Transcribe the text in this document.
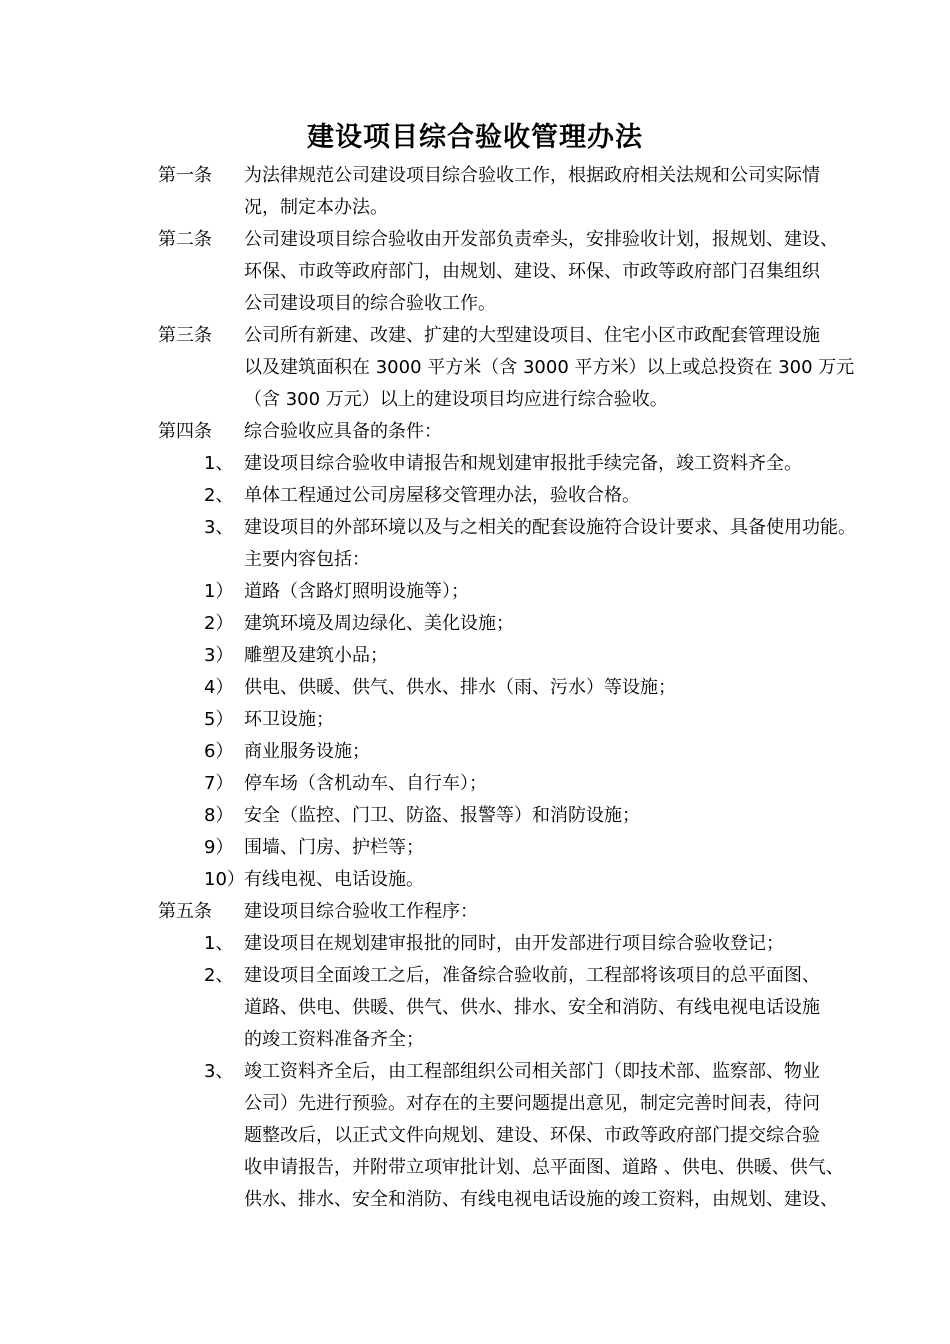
建设项目综合验收管理办法
第一条 为法律规范公司建设项目综合验收工作，根据政府相关法规和公司实际情
况，制定本办法。
第二条 公司建设项目综合验收由开发部负责牵头，安排验收计划，报规划、建设、
环保、市政等政府部门，由规划、建设、环保、市政等政府部门召集组织
公司建设项目的综合验收工作。
第三条 公司所有新建、改建、扩建的大型建设项目、住宅小区市政配套管理设施
以及建筑面积在 3000 平方米（含 3000 平方米）以上或总投资在 300 万元
（含 300 万元）以上的建设项目均应进行综合验收。
第四条 综合验收应具备的条件：
1、 建设项目综合验收申请报告和规划建审报批手续完备，竣工资料齐全。
2、 单体工程通过公司房屋移交管理办法，验收合格。
3、 建设项目的外部环境以及与之相关的配套设施符合设计要求、具备使用功能。
主要内容包括：
1） 道路（含路灯照明设施等）；
2） 建筑环境及周边绿化、美化设施；
3） 雕塑及建筑小品；
4） 供电、供暖、供气、供水、排水（雨、污水）等设施；
5） 环卫设施；
6） 商业服务设施；
7） 停车场（含机动车、自行车）；
8） 安全（监控、门卫、防盗、报警等）和消防设施；
9） 围墙、门房、护栏等；
10） 有线电视、电话设施。
第五条 建设项目综合验收工作程序：
1、 建设项目在规划建审报批的同时，由开发部进行项目综合验收登记；
2、 建设项目全面竣工之后，准备综合验收前，工程部将该项目的总平面图、
道路、供电、供暖、供气、供水、排水、安全和消防、有线电视电话设施
的竣工资料准备齐全；
3、 竣工资料齐全后，由工程部组织公司相关部门（即技术部、监察部、物业
公司）先进行预验。对存在的主要问题提出意见，制定完善时间表，待问
题整改后，以正式文件向规划、建设、环保、市政等政府部门提交综合验
收申请报告，并附带立项审批计划、总平面图、道路 、供电、供暖、供气、
供水、排水、安全和消防、有线电视电话设施的竣工资料，由规划、建设、
